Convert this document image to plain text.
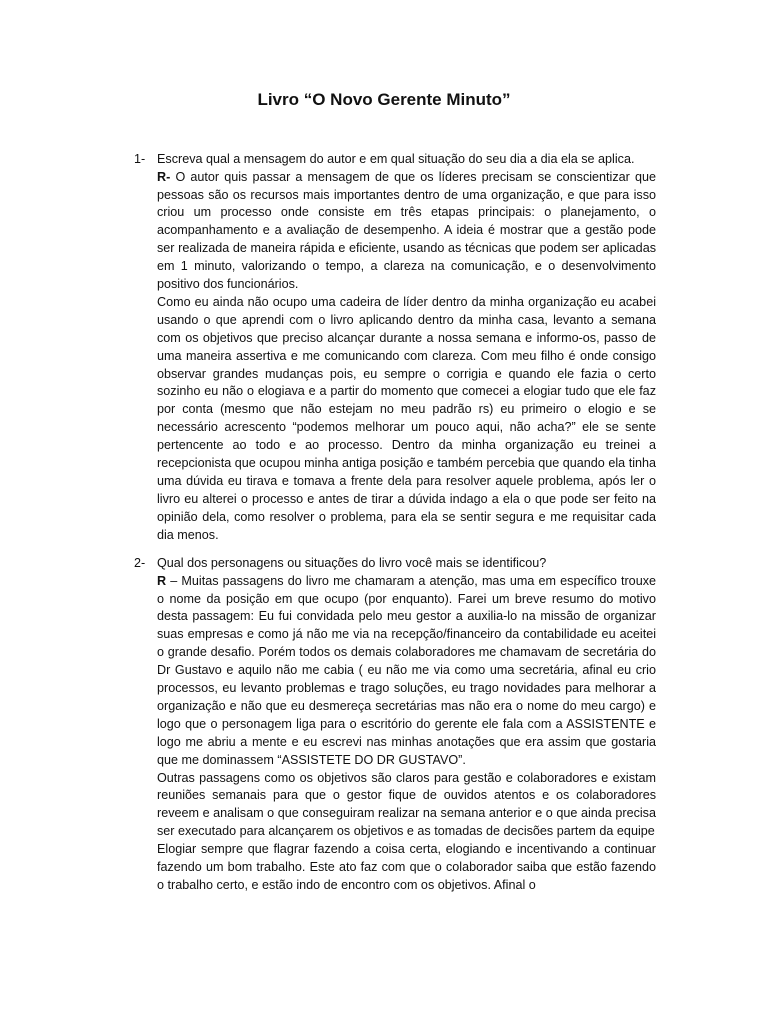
Livro “O Novo Gerente Minuto”
1- Escreva qual a mensagem do autor e em qual situação do seu dia a dia ela se aplica.

R- O autor quis passar a mensagem de que os líderes precisam se conscientizar que pessoas são os recursos mais importantes dentro de uma organização, e que para isso criou um processo onde consiste em três etapas principais: o planejamento, o acompanhamento e a avaliação de desempenho. A ideia é mostrar que a gestão pode ser realizada de maneira rápida e eficiente, usando as técnicas que podem ser aplicadas em 1 minuto, valorizando o tempo, a clareza na comunicação, e o desenvolvimento positivo dos funcionários.

Como eu ainda não ocupo uma cadeira de líder dentro da minha organização eu acabei usando o que aprendi com o livro aplicando dentro da minha casa, levanto a semana com os objetivos que preciso alcançar durante a nossa semana e informo-os, passo de uma maneira assertiva e me comunicando com clareza. Com meu filho é onde consigo observar grandes mudanças pois, eu sempre o corrigia e quando ele fazia o certo sozinho eu não o elogiava e a partir do momento que comecei a elogiar tudo que ele faz por conta (mesmo que não estejam no meu padrão rs) eu primeiro o elogio e se necessário acrescento “podemos melhorar um pouco aqui, não acha?” ele se sente pertencente ao todo e ao processo. Dentro da minha organização eu treinei a recepcionista que ocupou minha antiga posição e também percebia que quando ela tinha uma dúvida eu tirava e tomava a frente dela para resolver aquele problema, após ler o livro eu alterei o processo e antes de tirar a dúvida indago a ela o que pode ser feito na opinião dela, como resolver o problema, para ela se sentir segura e me requisitar cada dia menos.

2- Qual dos personagens ou situações do livro você mais se identificou?

R – Muitas passagens do livro me chamaram a atenção, mas uma em específico trouxe o nome da posição em que ocupo (por enquanto). Farei um breve resumo do motivo desta passagem: Eu fui convidada pelo meu gestor a auxilia-lo na missão de organizar suas empresas e como já não me via na recepção/financeiro da contabilidade eu aceitei o grande desafio. Porém todos os demais colaboradores me chamavam de secretária do Dr Gustavo e aquilo não me cabia ( eu não me via como uma secretária, afinal eu crio processos, eu levanto problemas e trago soluções, eu trago novidades para melhorar a organização e não que eu desmereça secretárias mas não era o nome do meu cargo) e logo que o personagem liga para o escritório do gerente ele fala com a ASSISTENTE e logo me abriu a mente e eu escrevi nas minhas anotações que era assim que gostaria que me dominassem “ASSISTETE DO DR GUSTAVO”.

Outras passagens como os objetivos são claros para gestão e colaboradores e existam reuniões semanais para que o gestor fique de ouvidos atentos e os colaboradores reveem e analisam o que conseguiram realizar na semana anterior e o que ainda precisa ser executado para alcançarem os objetivos e as tomadas de decisões partem da equipe

Elogiar sempre que flagrar fazendo a coisa certa, elogiando e incentivando a continuar fazendo um bom trabalho. Este ato faz com que o colaborador saiba que estão fazendo o trabalho certo, e estão indo de encontro com os objetivos. Afinal o
